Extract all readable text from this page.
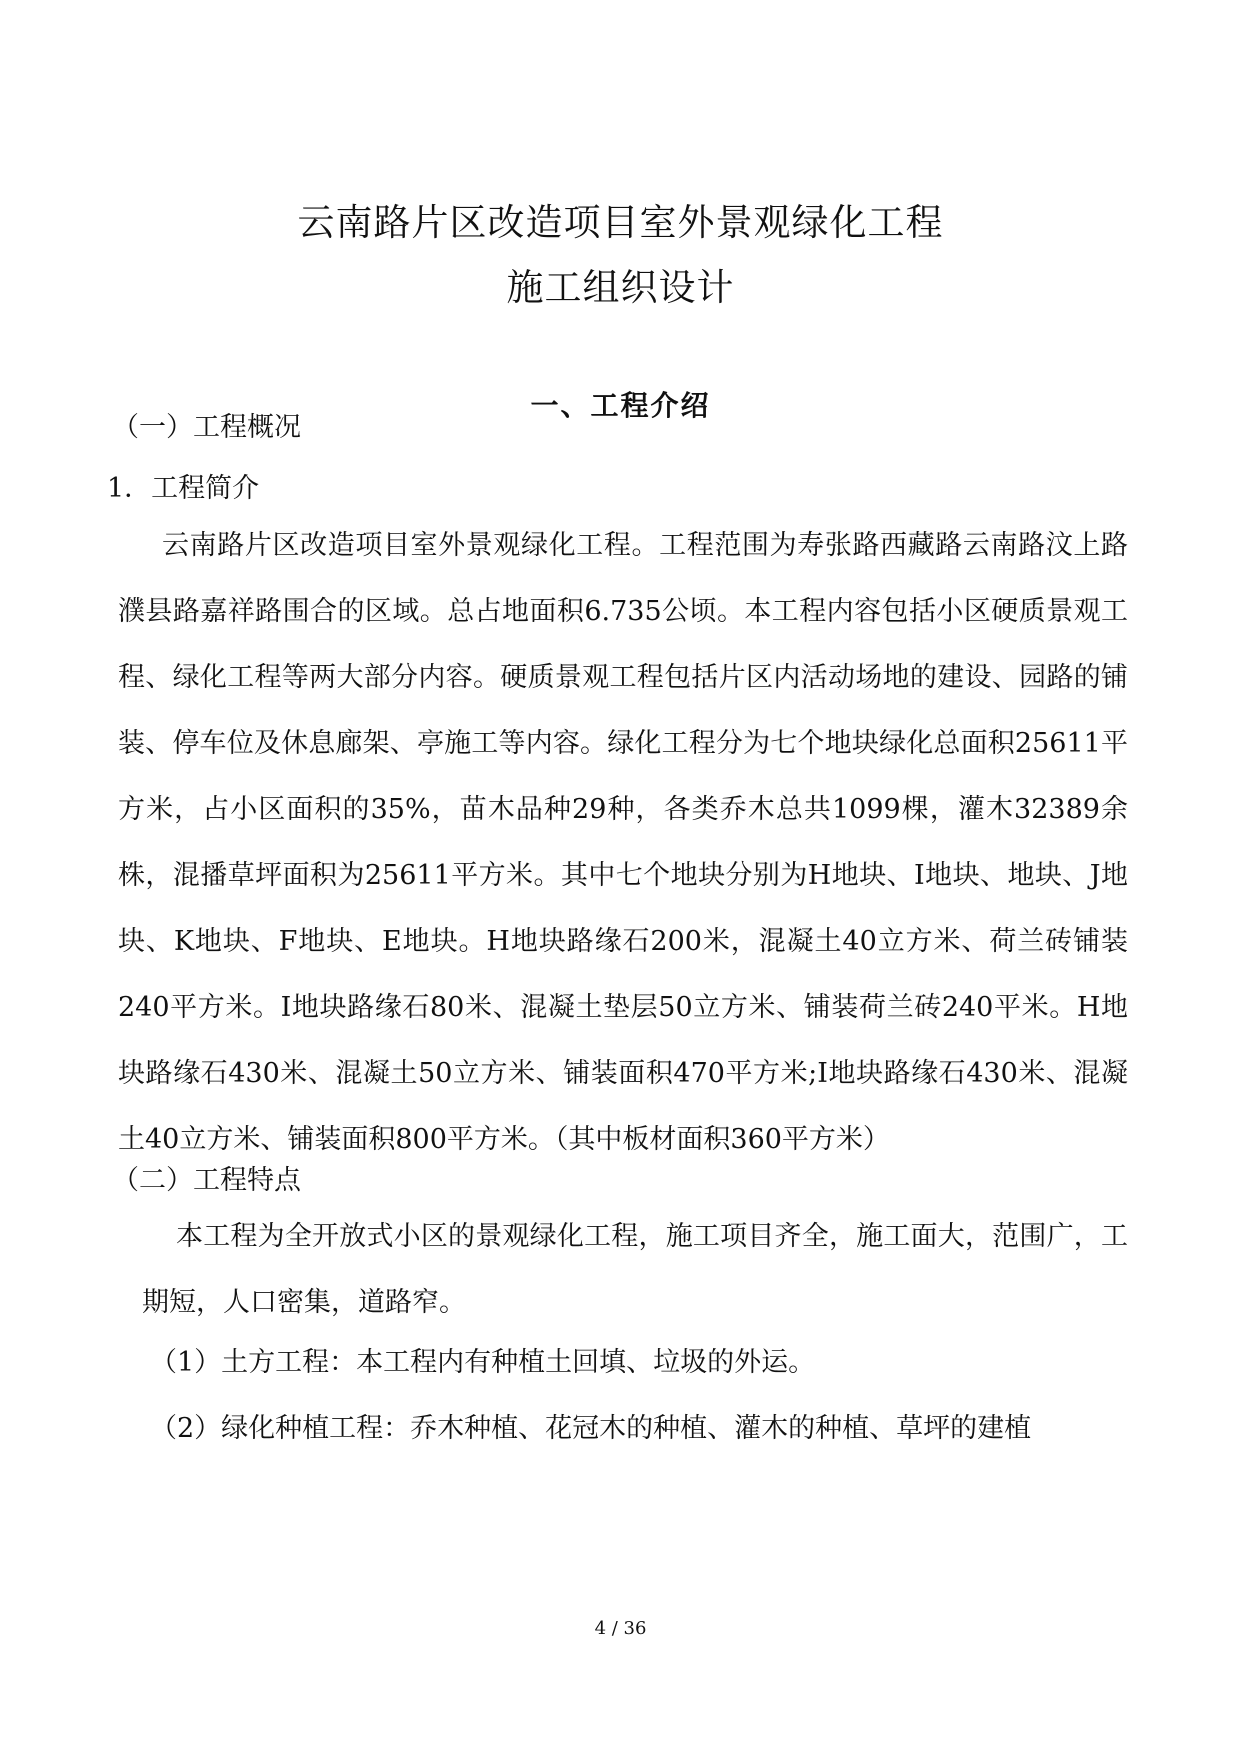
云南路片区改造项目室外景观绿化工程
施工组织设计
一、工程介绍
（一）工程概况
1．工程简介

云南路片区改造项目室外景观绿化工程。工程范围为寿张路西藏路云南路汶上路濮县路嘉祥路围合的区域。总占地面积6.735公顷。本工程内容包括小区硬质景观工程、绿化工程等两大部分内容。硬质景观工程包括片区内活动场地的建设、园路的铺装、停车位及休息廊架、亭施工等内容。绿化工程分为七个地块绿化总面积25611平方米，占小区面积的35%，苗木品种29种，各类乔木总共1099棵，灌木32389余株，混播草坪面积为25611平方米。其中七个地块分别为H地块、I地块、地块、J地块、K地块、F地块、E地块。H地块路缘石200米，混凝土40立方米、荷兰砖铺装240平方米。I地块路缘石80米、混凝土垫层50立方米、铺装荷兰砖240平米。H地块路缘石430米、混凝土50立方米、铺装面积470平方米;I地块路缘石430米、混凝土40立方米、铺装面积800平方米。（其中板材面积360平方米）

（二）工程特点

本工程为全开放式小区的景观绿化工程，施工项目齐全，施工面大，范围广，工期短，人口密集，道路窄。

（1）土方工程：本工程内有种植土回填、垃圾的外运。
（2）绿化种植工程：乔木种植、花冠木的种植、灌木的种植、草坪的建植
4 / 36
